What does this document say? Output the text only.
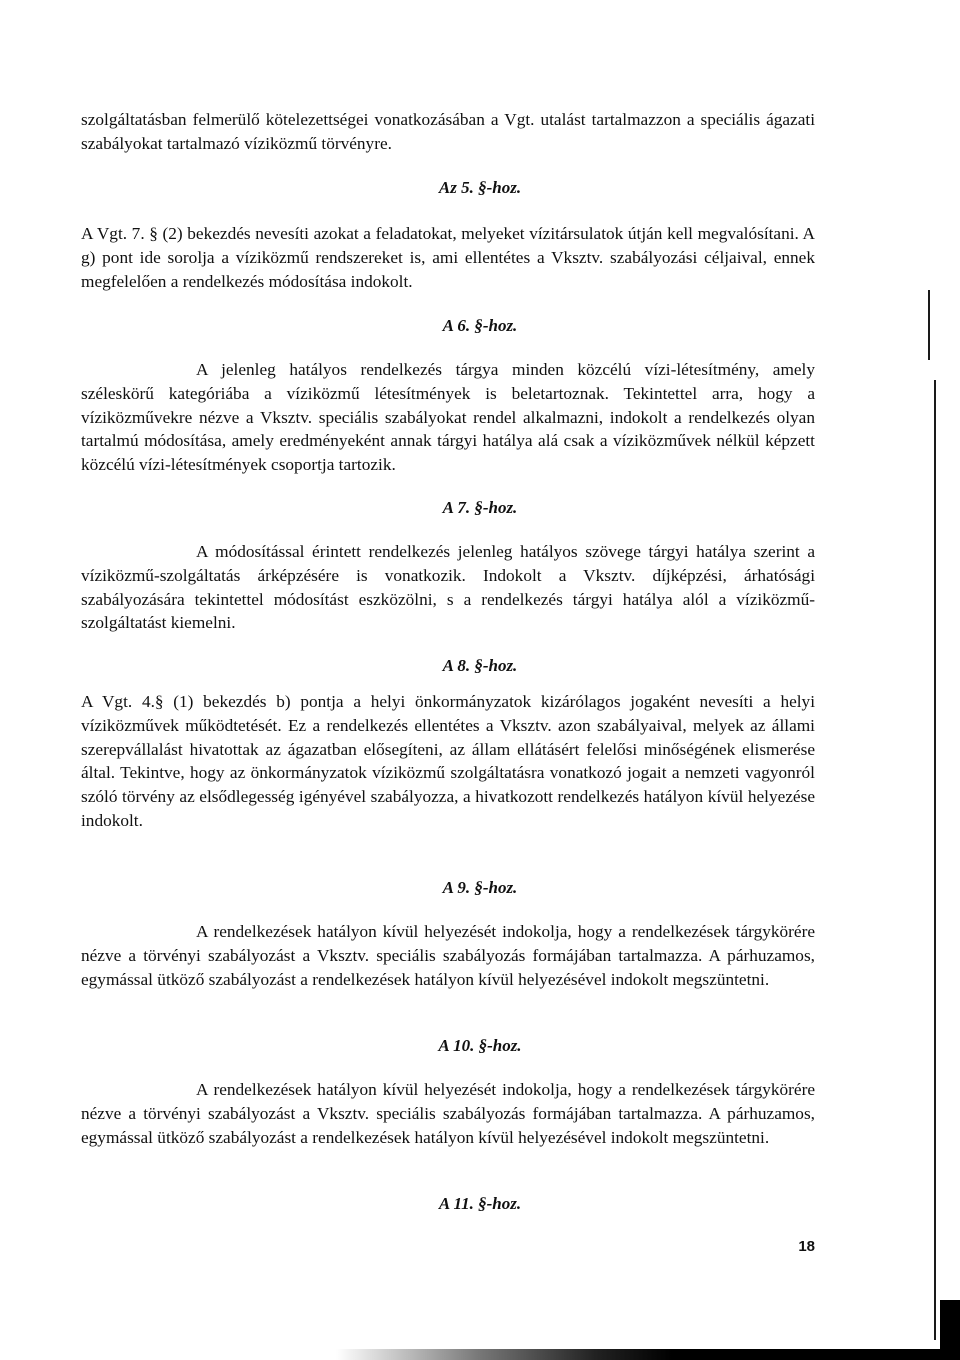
szolgáltatásban felmerülő kötelezettségei vonatkozásában a Vgt. utalást tartalmazzon a speciális ágazati szabályokat tartalmazó víziközmű törvényre.

Az 5. §-hoz.

A Vgt. 7. § (2) bekezdés nevesíti azokat a feladatokat, melyeket vízitársulatok útján kell megvalósítani. A g) pont ide sorolja a víziközmű rendszereket is, ami ellentétes a Vksztv. szabályozási céljaival, ennek megfelelően a rendelkezés módosítása indokolt.

A 6. §-hoz.

A jelenleg hatályos rendelkezés tárgya minden közcélú vízi-létesítmény, amely széleskörű kategóriába a víziközmű létesítmények is beletartoznak. Tekintettel arra, hogy a víziközművekre nézve a Vksztv. speciális szabályokat rendel alkalmazni, indokolt a rendelkezés olyan tartalmú módosítása, amely eredményeként annak tárgyi hatálya alá csak a víziközművek nélkül képzett közcélú vízi-létesítmények csoportja tartozik.

A 7. §-hoz.

A módosítással érintett rendelkezés jelenleg hatályos szövege tárgyi hatálya szerint a víziközmű-szolgáltatás árképzésére is vonatkozik. Indokolt a Vksztv. díjképzési, árhatósági szabályozására tekintettel módosítást eszközölni, s a rendelkezés tárgyi hatálya alól a víziközmű-szolgáltatást kiemelni.

A 8. §-hoz.

A Vgt. 4.§ (1) bekezdés b) pontja a helyi önkormányzatok kizárólagos jogaként nevesíti a helyi víziközművek működtetését. Ez a rendelkezés ellentétes a Vksztv. azon szabályaival, melyek az állami szerepvállalást hivatottak az ágazatban elősegíteni, az állam ellátásért felelősi minőségének elismerése által. Tekintve, hogy az önkormányzatok víziközmű szolgáltatásra vonatkozó jogait a nemzeti vagyonról szóló törvény az elsődlegesség igényével szabályozza, a hivatkozott rendelkezés hatályon kívül helyezése indokolt.

A 9. §-hoz.

A rendelkezések hatályon kívül helyezését indokolja, hogy a rendelkezések tárgykörére nézve a törvényi szabályozást a Vksztv. speciális szabályozás formájában tartalmazza. A párhuzamos, egymással ütköző szabályozást a rendelkezések hatályon kívül helyezésével indokolt megszüntetni.

A 10. §-hoz.

A rendelkezések hatályon kívül helyezését indokolja, hogy a rendelkezések tárgykörére nézve a törvényi szabályozást a Vksztv. speciális szabályozás formájában tartalmazza. A párhuzamos, egymással ütköző szabályozást a rendelkezések hatályon kívül helyezésével indokolt megszüntetni.

A 11. §-hoz.

18
